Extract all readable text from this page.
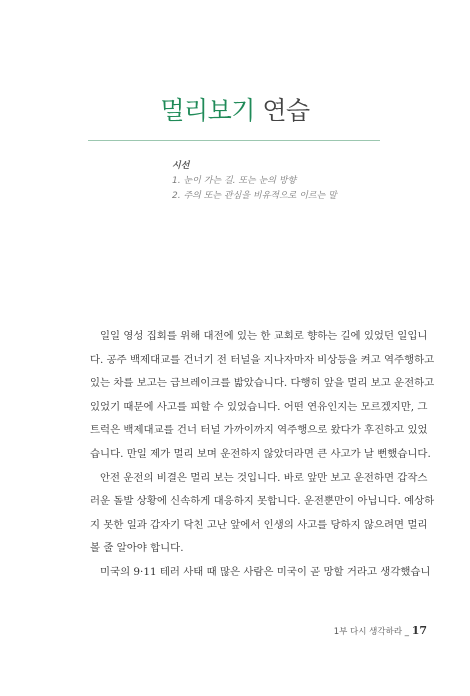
멀리보기 연습
시선
1. 눈이 가는 길. 또는 눈의 방향
2. 주의 또는 관심을 비유적으로 이르는 말
일일 영성 집회를 위해 대전에 있는 한 교회로 향하는 길에 있었던 일입니
다. 공주 백제대교를 건너기 전 터널을 지나자마자 비상등을 켜고 역주행하고
있는 차를 보고는 급브레이크를 밟았습니다. 다행히 앞을 멀리 보고 운전하고
있었기 때문에 사고를 피할 수 있었습니다. 어떤 연유인지는 모르겠지만, 그
트럭은 백제대교를 건너 터널 가까이까지 역주행으로 왔다가 후진하고 있었
습니다. 만일 제가 멀리 보며 운전하지 않았더라면 큰 사고가 날 뻔했습니다.
안전 운전의 비결은 멀리 보는 것입니다. 바로 앞만 보고 운전하면 갑작스
러운 돌발 상황에 신속하게 대응하지 못합니다. 운전뿐만이 아닙니다. 예상하
지 못한 일과 갑자기 닥친 고난 앞에서 인생의 사고를 당하지 않으려면 멀리
볼 줄 알아야 합니다.
미국의 9·11 테러 사태 때 많은 사람은 미국이 곧 망할 거라고 생각했습니
1부 다시 생각하라 _ 17
